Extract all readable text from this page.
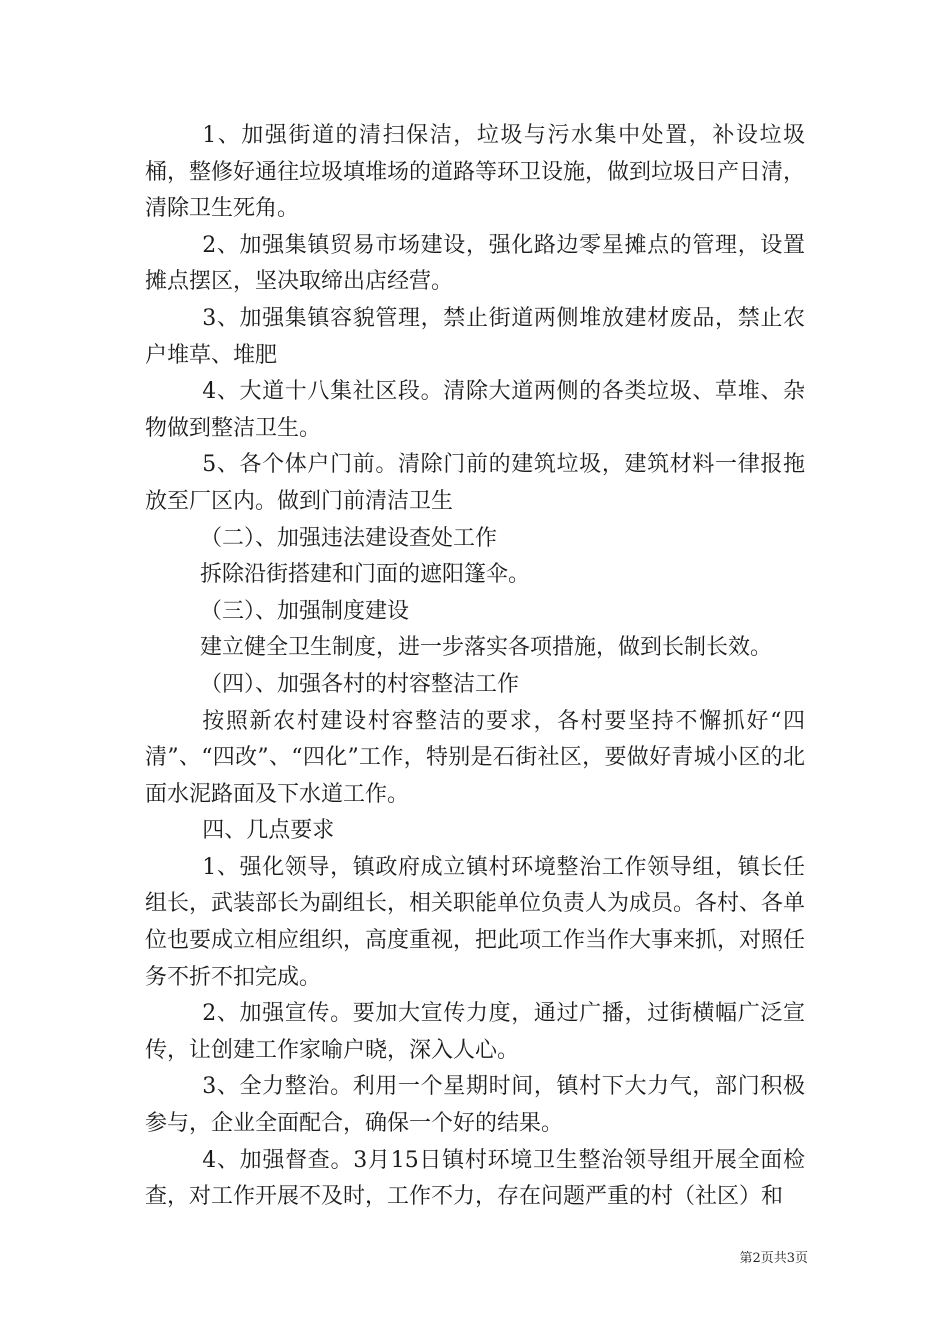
1、加强街道的清扫保洁，垃圾与污水集中处置，补设垃圾桶，整修好通往垃圾填堆场的道路等环卫设施，做到垃圾日产日清，清除卫生死角。

2、加强集镇贸易市场建设，强化路边零星摊点的管理，设置摊点摆区，坚决取缔出店经营。

3、加强集镇容貌管理，禁止街道两侧堆放建材废品，禁止农户堆草、堆肥

4、大道十八集社区段。清除大道两侧的各类垃圾、草堆、杂物做到整洁卫生。

5、各个体户门前。清除门前的建筑垃圾，建筑材料一律报拖放至厂区内。做到门前清洁卫生

（二）、加强违法建设查处工作

拆除沿街搭建和门面的遮阳篷伞。

（三）、加强制度建设

建立健全卫生制度，进一步落实各项措施，做到长制长效。

（四）、加强各村的村容整洁工作

按照新农村建设村容整洁的要求，各村要坚持不懈抓好“四清”、“四改”、“四化”工作，特别是石街社区，要做好青城小区的北面水泥路面及下水道工作。

四、几点要求

1、强化领导，镇政府成立镇村环境整治工作领导组，镇长任组长，武装部长为副组长，相关职能单位负责人为成员。各村、各单位也要成立相应组织，高度重视，把此项工作当作大事来抓，对照任务不折不扣完成。

2、加强宣传。要加大宣传力度，通过广播，过街横幅广泛宣传，让创建工作家喻户晓，深入人心。

3、全力整治。利用一个星期时间，镇村下大力气，部门积极参与，企业全面配合，确保一个好的结果。

4、加强督查。3月15日镇村环境卫生整治领导组开展全面检查，对工作开展不及时，工作不力，存在问题严重的村（社区）和

第2页共3页
